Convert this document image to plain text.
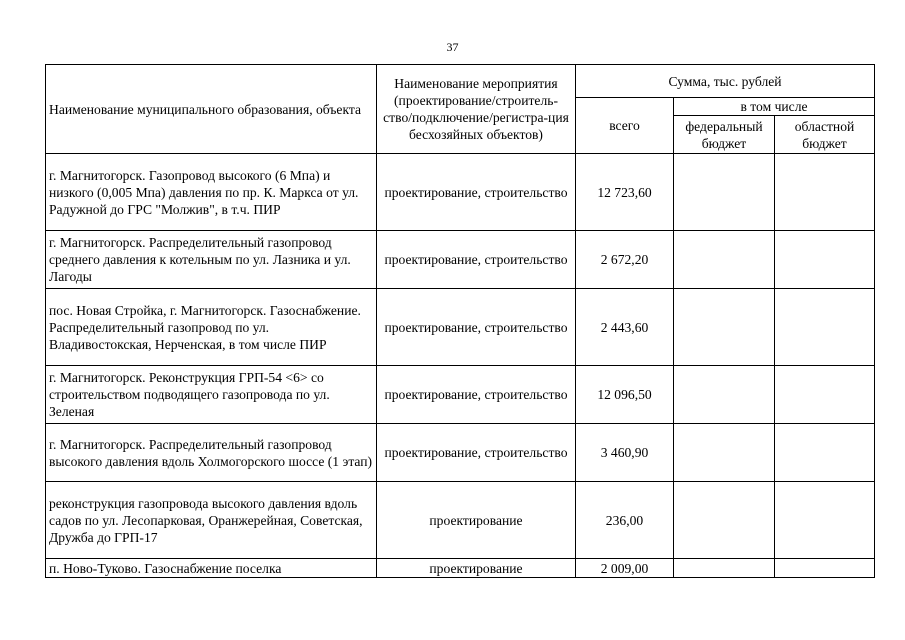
37
Наименование муниципального образования, объекта	Наименование мероприятия (проектирование/строитель-ство/подключение/регистра-ция бесхозяйных объектов)	Сумма, тыс. рублей		
		всего	в том числе	
			федеральный бюджет	областной бюджет
г. Магнитогорск. Газопровод высокого (6 Мпа) и низкого (0,005 Мпа) давления по пр. К. Маркса от ул. Радужной до ГРС "Молжив", в т.ч. ПИР	проектирование, строительство	12 723,60		
г. Магнитогорск. Распределительный газопровод среднего давления к котельным по ул. Лазника и ул. Лагоды	проектирование, строительство	2 672,20		
пос. Новая Стройка, г. Магнитогорск. Газоснабжение. Распределительный газопровод по ул. Владивостокская, Нерченская, в том числе ПИР	проектирование, строительство	2 443,60		
г. Магнитогорск. Реконструкция ГРП-54 <6> со строительством подводящего газопровода по ул. Зеленая	проектирование, строительство	12 096,50		
г. Магнитогорск. Распределительный газопровод высокого давления вдоль Холмогорского шоссе (1 этап)	проектирование, строительство	3 460,90		
реконструкция газопровода высокого давления вдоль садов по ул. Лесопарковая, Оранжерейная, Советская, Дружба до ГРП-17	проектирование	236,00		
п. Ново-Туково. Газоснабжение поселка	проектирование	2 009,00		
